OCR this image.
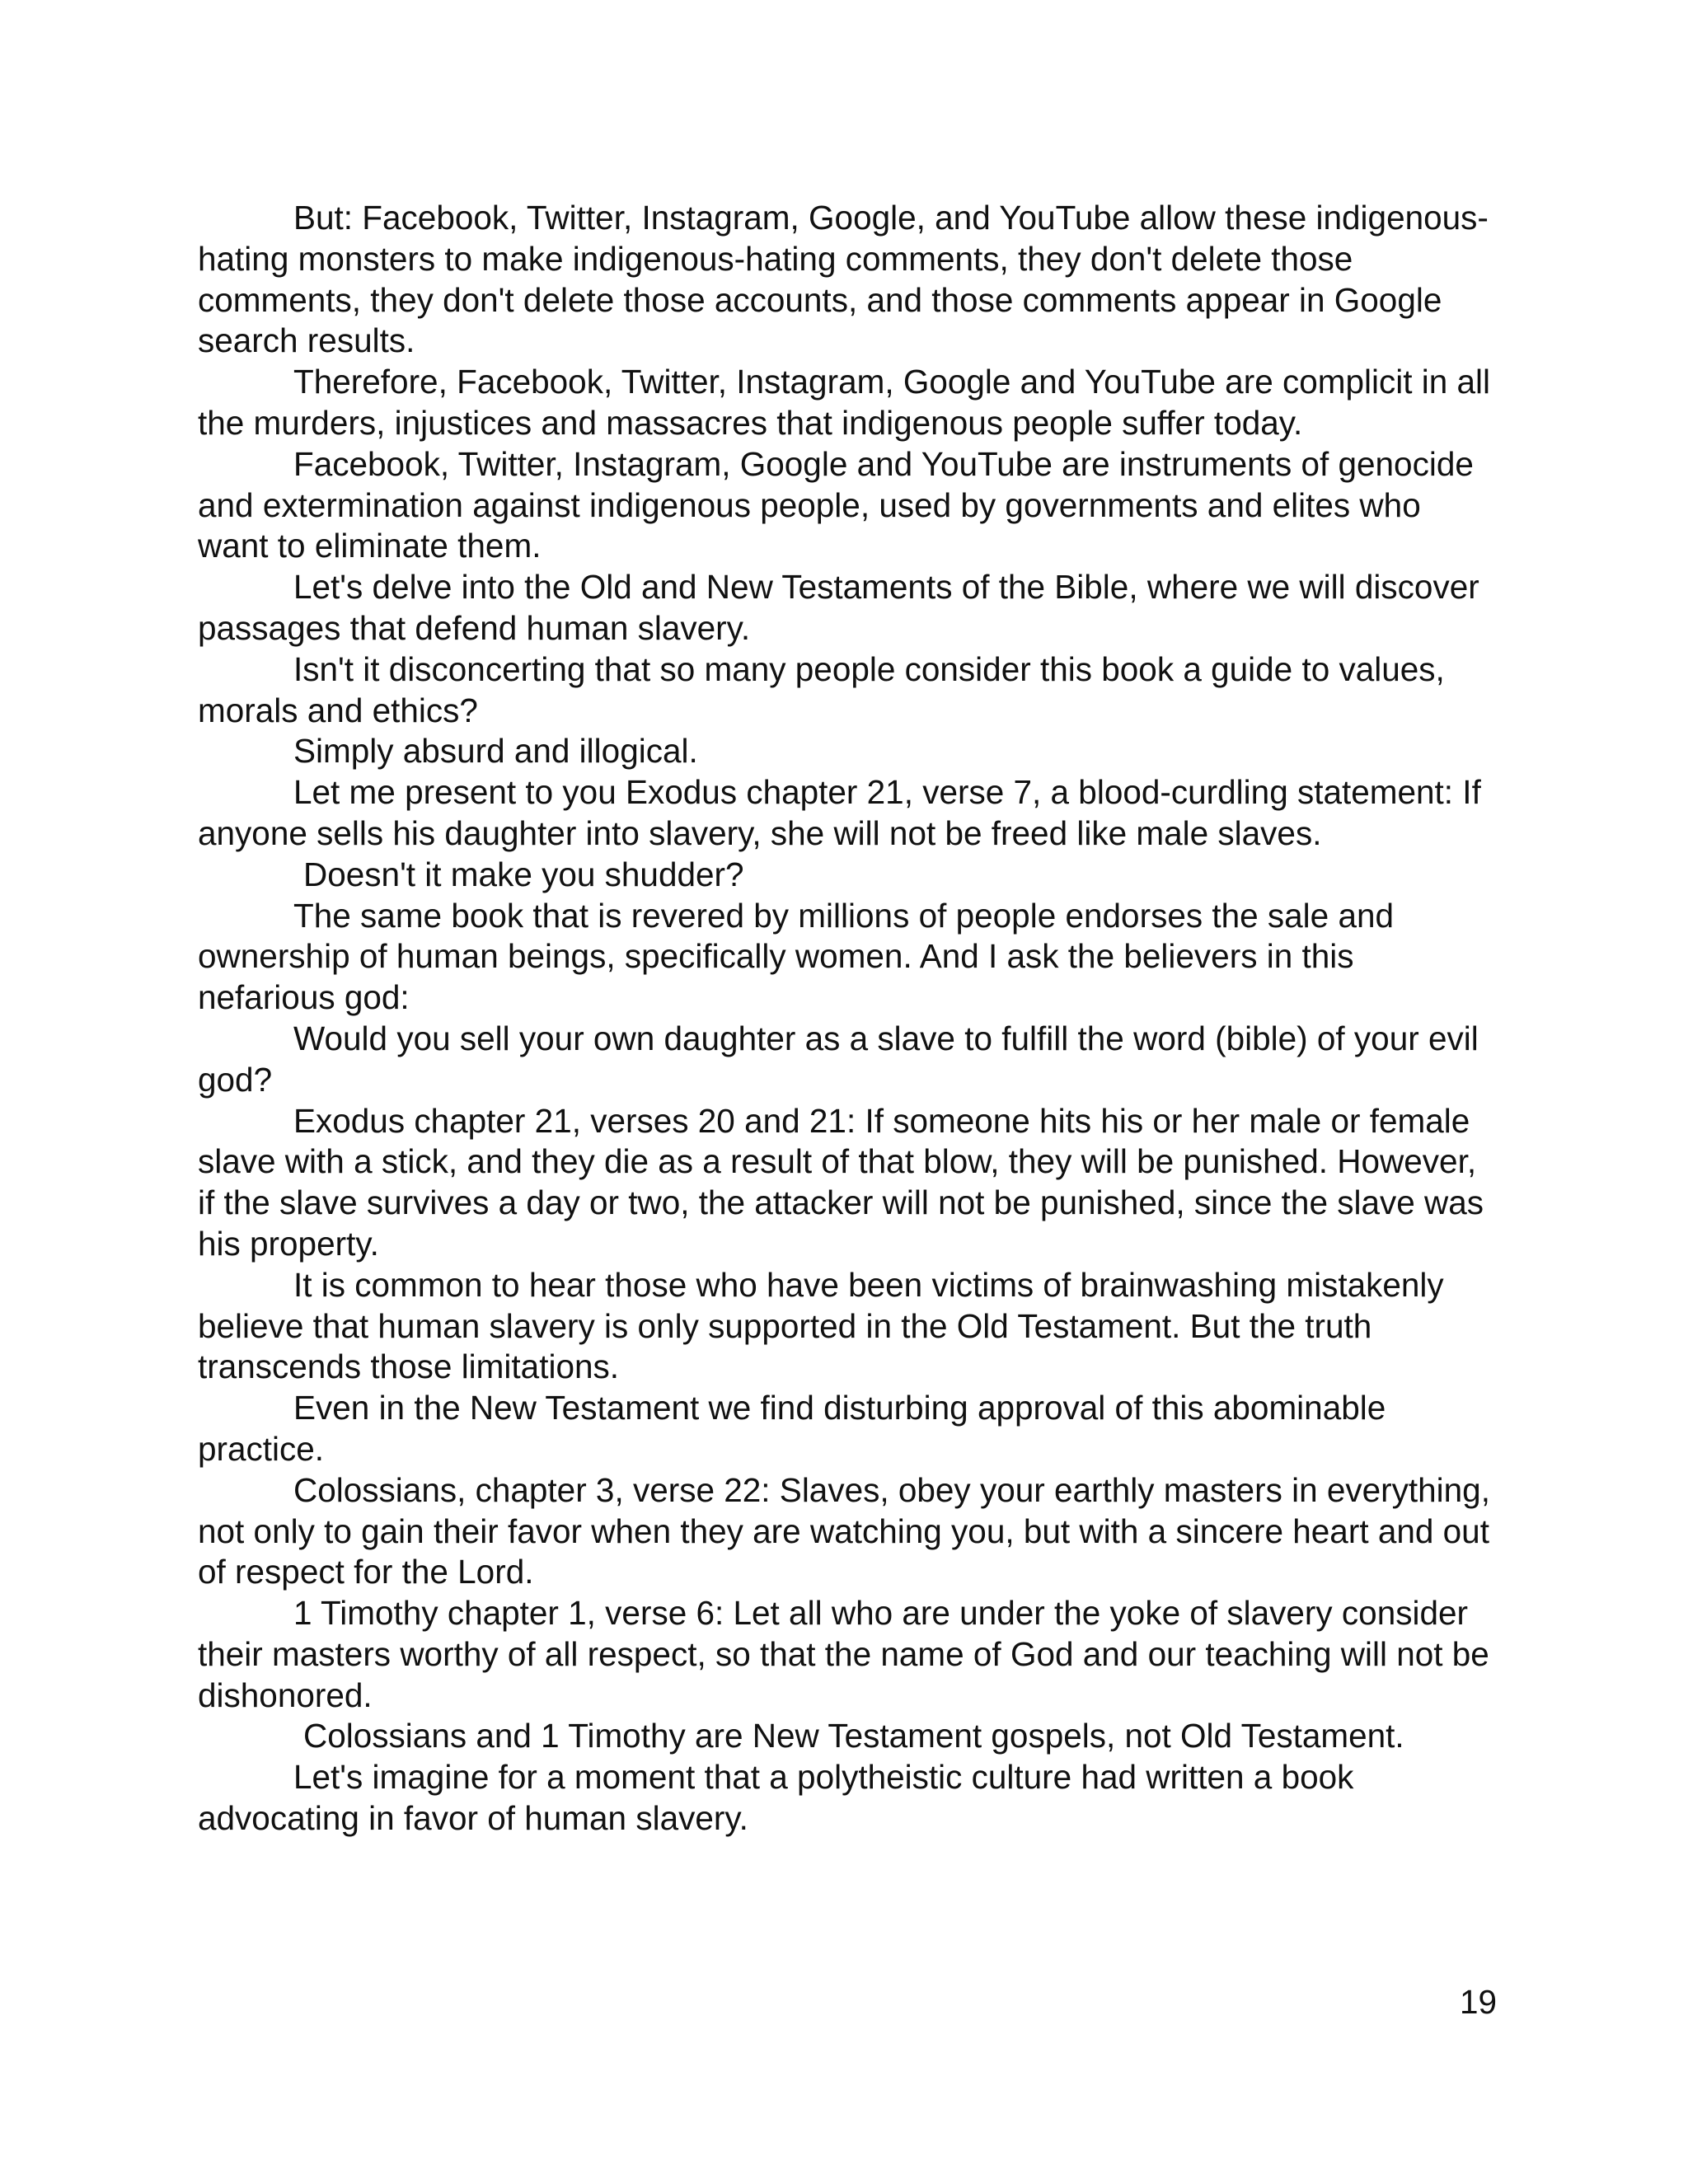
But: Facebook, Twitter, Instagram, Google, and YouTube allow these indigenous-hating monsters to make indigenous-hating comments, they don't delete those comments, they don't delete those accounts, and those comments appear in Google search results.

Therefore, Facebook, Twitter, Instagram, Google and YouTube are complicit in all the murders, injustices and massacres that indigenous people suffer today.

Facebook, Twitter, Instagram, Google and YouTube are instruments of genocide and extermination against indigenous people, used by governments and elites who want to eliminate them.

Let's delve into the Old and New Testaments of the Bible, where we will discover passages that defend human slavery.

Isn't it disconcerting that so many people consider this book a guide to values, morals and ethics?

Simply absurd and illogical.

Let me present to you Exodus chapter 21, verse 7, a blood-curdling statement: If anyone sells his daughter into slavery, she will not be freed like male slaves.

Doesn't it make you shudder?

The same book that is revered by millions of people endorses the sale and ownership of human beings, specifically women. And I ask the believers in this nefarious god:

Would you sell your own daughter as a slave to fulfill the word (bible) of your evil god?

Exodus chapter 21, verses 20 and 21: If someone hits his or her male or female slave with a stick, and they die as a result of that blow, they will be punished. However, if the slave survives a day or two, the attacker will not be punished, since the slave was his property.

It is common to hear those who have been victims of brainwashing mistakenly believe that human slavery is only supported in the Old Testament. But the truth transcends those limitations.

Even in the New Testament we find disturbing approval of this abominable practice.

Colossians, chapter 3, verse 22: Slaves, obey your earthly masters in everything, not only to gain their favor when they are watching you, but with a sincere heart and out of respect for the Lord.

1 Timothy chapter 1, verse 6: Let all who are under the yoke of slavery consider their masters worthy of all respect, so that the name of God and our teaching will not be dishonored.

Colossians and 1 Timothy are New Testament gospels, not Old Testament.

Let's imagine for a moment that a polytheistic culture had written a book advocating in favor of human slavery.

19
